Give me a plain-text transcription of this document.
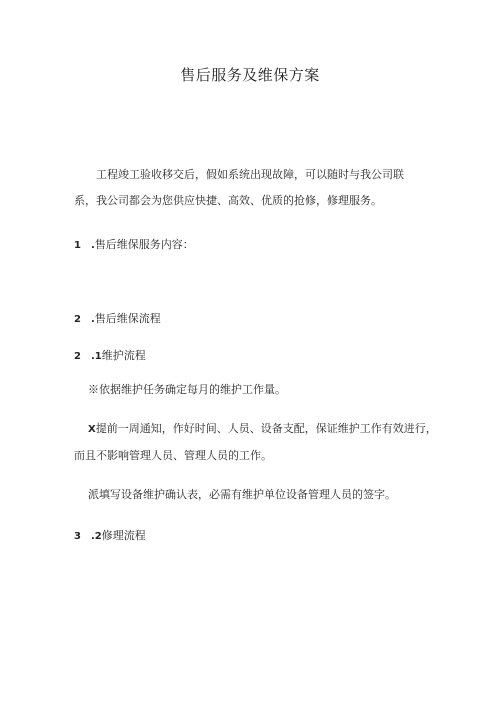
售后服务及维保方案
工程竣工验收移交后，假如系统出现故障，可以随时与我公司联
系，我公司都会为您供应快捷、高效、优质的抢修，修理服务。
1 .售后维保服务内容：
2 .售后维保流程
2 .1维护流程
※依据维护任务确定每月的维护工作量。
X提前一周通知，作好时间、人员、设备支配，保证维护工作有效进行，
而且不影响管理人员、管理人员的工作。
派填写设备维护确认表，必需有维护单位设备管理人员的签字。
3 .2修理流程
